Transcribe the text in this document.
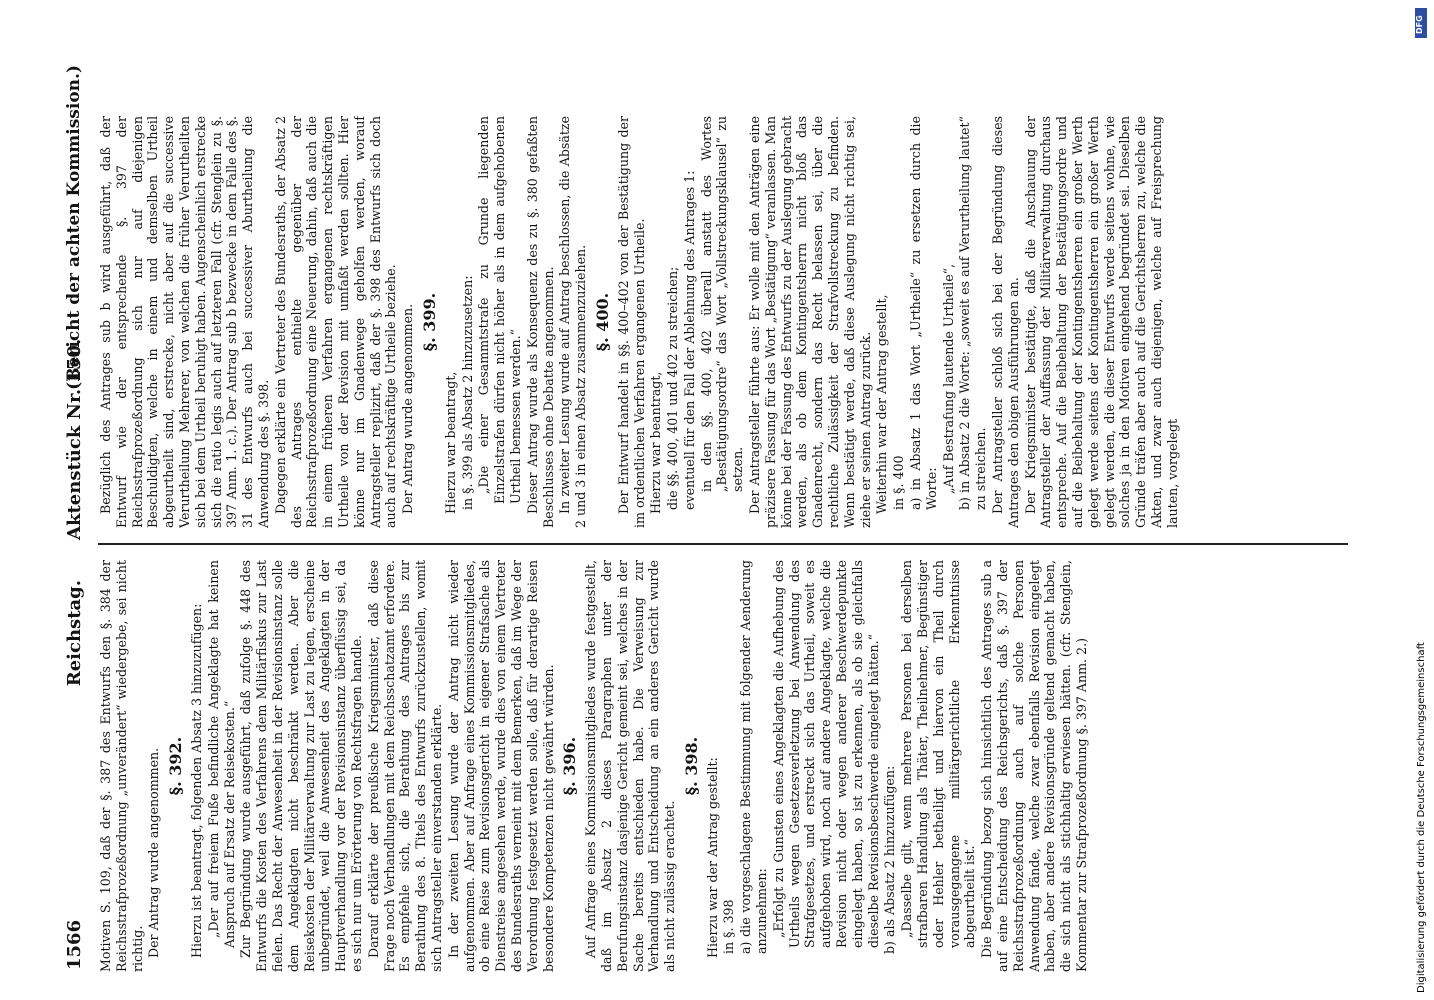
1566
Reichstag.Aktenstück Nr. 150.
(Bericht der achten Kommission.)

Motiven S. 109, daß der §. 387 des Entwurfs den §. 384 der Reichsstrafprozeßordnung „unverändert“ wiedergebe, sei nicht richtig. Der Antrag wurde angenommen. §. 392. Hierzu ist beantragt, folgenden Absatz 3 hinzuzufügen: „Der auf freiem Fuße befindliche Angeklagte hat keinen Anspruch auf Ersatz der Reisekosten.“ Zur Begründung wurde ausgeführt, daß zufolge §. 448 des Entwurfs die Kosten des Verfahrens dem Militärfiskus zur Last fielen. Das Recht der Anwesenheit in der Revisionsinstanz solle dem Angeklagten nicht beschränkt werden. Aber die Reisekosten der Militärverwaltung zur Last zu legen, erscheine unbegründet, weil die Anwesenheit des Angeklagten in der Hauptverhandlung vor der Revisionsinstanz überflüssig sei, da es sich nur um Erörterung von Rechtsfragen handle. Darauf erklärte der preußische Kriegsminister, daß diese Frage noch Verhandlungen mit dem Reichsschatzamt erfordere. Es empfehle sich, die Berathung des Antrages bis zur Berathung des 8. Titels des Entwurfs zurückzustellen, womit sich Antragsteller einverstanden erklärte. In der zweiten Lesung wurde der Antrag nicht wieder aufgenommen. Aber auf Anfrage eines Kommissionsmitgliedes, ob eine Reise zum Revisionsgericht in eigener Strafsache als Dienstreise angesehen werde, wurde dies von einem Vertreter des Bundesraths verneint mit dem Bemerken, daß im Wege der Verordnung festgesetzt werden solle, daß für derartige Reisen besondere Kompetenzen nicht gewährt würden. §. 396. Auf Anfrage eines Kommissionsmitgliedes wurde festgestellt, daß im Absatz 2 dieses Paragraphen unter der Berufungsinstanz dasjenige Gericht gemeint sei, welches in der Sache bereits entschieden habe. Die Verweisung zur Verhandlung und Entscheidung an ein anderes Gericht wurde als nicht zulässig erachtet.

§. 398. Hierzu war der Antrag gestellt: in §. 398 a) die vorgeschlagene Bestimmung mit folgender Aenderung anzunehmen: „Erfolgt zu Gunsten eines Angeklagten die Aufhebung des Urtheils wegen Gesetzesverletzung bei Anwendung des Strafgesetzes, und erstreckt sich das Urtheil, soweit es aufgehoben wird, noch auf andere Angeklagte, welche die Revision nicht oder wegen anderer Beschwerdepunkte eingelegt haben, so ist zu erkennen, als ob sie gleichfalls dieselbe Revisionsbeschwerde eingelegt hätten.“ b) als Absatz 2 hinzuzufügen: „Dasselbe gilt, wenn mehrere Personen bei derselben strafbaren Handlung als Thäter, Theilnehmer, Begünstiger oder Hehler betheiligt und hiervon ein Theil durch vorausgegangene militärgerichtliche Erkenntnisse abgeurtheilt ist.“ Die Begründung bezog sich hinsichtlich des Antrages sub a auf eine Entscheidung des Reichsgerichts, daß §. 397 der Reichsstrafprozeßordnung auch auf solche Personen Anwendung fände, welche zwar ebenfalls Revision eingelegt haben, aber andere Revisionsgründe geltend gemacht haben, die sich nicht als stichhaltig erwiesen hätten. (cfr. Stenglein, Kommentar zur Strafprozeßordnung §. 397 Anm. 2.)

Bezüglich des Antrages sub b wird ausgeführt, daß der Entwurf wie der entsprechende §. 397 der Reichsstrafprozeßordnung sich nur auf diejenigen Beschuldigten, welche in einem und demselben Urtheil abgeurtheilt sind, erstrecke, nicht aber auf die successive Verurtheilung Mehrerer, von welchen die früher Verurtheilten sich bei dem Urtheil beruhigt haben. Augenscheinlich erstrecke sich die ratio legis auch auf letzteren Fall (cfr. Stenglein zu §. 397 Anm. 1. c.). Der Antrag sub b bezwecke in dem Falle des §. 31 des Entwurfs auch bei successiver Aburtheilung die Anwendung des §. 398. Dagegen erklärte ein Vertreter des Bundesraths, der Absatz 2 des Antrages enthielte gegenüber der Reichsstrafprozeßordnung eine Neuerung, dahin, daß auch die in einem früheren Verfahren ergangenen rechtskräftigen Urtheile von der Revision mit umfaßt werden sollten. Hier könne nur im Gnadenwege geholfen werden, worauf Antragsteller replizirt, daß der §. 398 des Entwurfs sich doch auch auf rechtskräftige Urtheile beziehe. Der Antrag wurde angenommen. §. 399.

Hierzu war beantragt, in §. 399 als Absatz 2 hinzuzusetzen: „Die einer Gesammtstrafe zu Grunde liegenden Einzelstrafen dürfen nicht höher als in dem aufgehobenen Urtheil bemessen werden.“ Dieser Antrag wurde als Konsequenz des zu §. 380 gefaßten Beschlusses ohne Debatte angenommen. In zweiter Lesung wurde auf Antrag beschlossen, die Absätze 2 und 3 in einen Absatz zusammenzuziehen. §. 400. Der Entwurf handelt in §§. 400–402 von der Bestätigung der im ordentlichen Verfahren ergangenen Urtheile. Hierzu war beantragt, die §§. 400, 401 und 402 zu streichen; eventuell für den Fall der Ablehnung des Antrages 1: in den §§. 400, 402 überall anstatt des Wortes „Bestätigungsordre“ das Wort „Vollstreckungsklausel“ zu setzen. Der Antragsteller führte aus: Er wolle mit den Anträgen eine präzisere Fassung für das Wort „Bestätigung“ veranlassen. Man könne bei der Fassung des Entwurfs zu der Auslegung gebracht werden, als ob dem Kontingentsherrn nicht bloß das Gnadenrecht, sondern das Recht belassen sei, über die rechtliche Zulässigkeit der Strafvollstreckung zu befinden. Wenn bestätigt werde, daß diese Auslegung nicht richtig sei, ziehe er seinen Antrag zurück. Weiterhin war der Antrag gestellt, in §. 400 a) in Absatz 1 das Wort „Urtheile“ zu ersetzen durch die Worte: „Auf Bestrafung lautende Urtheile“, b) in Absatz 2 die Worte: „soweit es auf Verurtheilung lautet“ zu streichen. Der Antragsteller schloß sich bei der Begründung dieses Antrages den obigen Ausführungen an. Der Kriegsminister bestätigte, daß die Anschauung der Antragsteller der Auffassung der Militärverwaltung durchaus entspreche. Auf die Beibehaltung der Bestätigungsordre und auf die Beibehaltung der Kontingentsherren ein großer Werth gelegt werde seitens der Kontingentsherren ein großer Werth gelegt werden, die dieser Entwurfs werde seitens wohne, wie solches ja in den Motiven eingehend begründet sei. Dieselben Gründe träfen aber auch auf die Gerichtsherren zu, welche die Akten, und zwar auch diejenigen, welche auf Freisprechung lauten, vorgelegt

DFG
Digitalisierung gefördert durch die Deutsche Forschungsgemeinschaft
